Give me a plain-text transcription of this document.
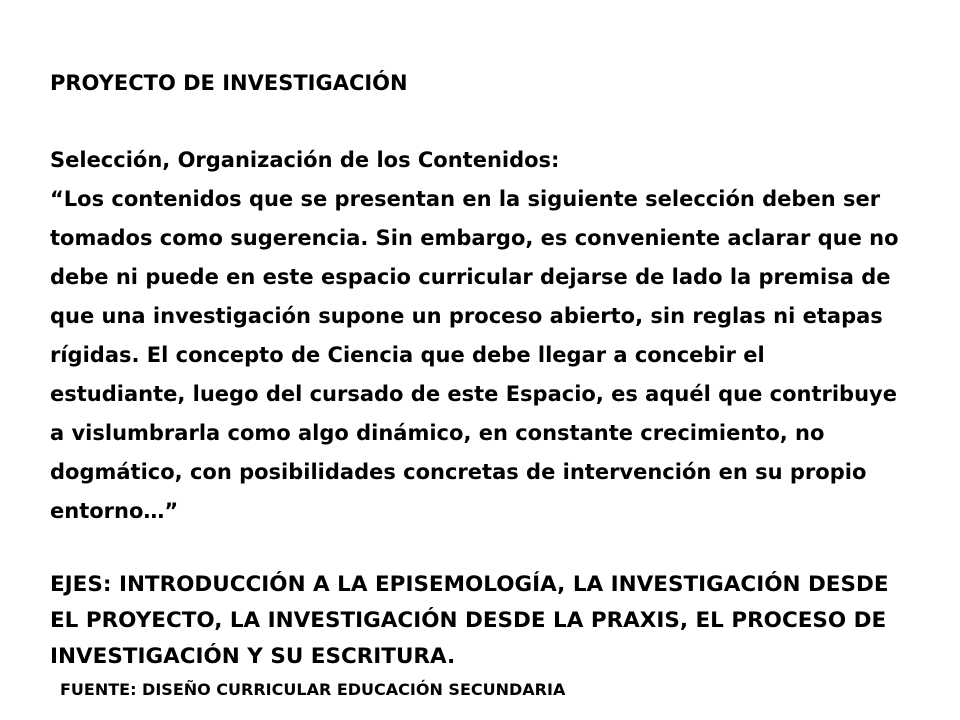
PROYECTO DE INVESTIGACIÓN

Selección, Organización de los Contenidos:

“Los contenidos que se presentan en la siguiente selección deben ser tomados como sugerencia. Sin embargo, es conveniente aclarar que no debe ni puede en este espacio curricular dejarse de lado la premisa de que una investigación supone un proceso abierto, sin reglas ni etapas rígidas. El concepto de Ciencia que debe llegar a concebir el estudiante, luego del cursado de este Espacio, es aquél que contribuye a vislumbrarla como algo dinámico, en constante crecimiento, no dogmático, con posibilidades concretas de intervención en su propio entorno…”

EJES: INTRODUCCIÓN A LA EPISEMOLOGÍA, LA INVESTIGACIÓN DESDE EL PROYECTO, LA INVESTIGACIÓN DESDE LA PRAXIS, EL PROCESO DE INVESTIGACIÓN Y SU ESCRITURA.

FUENTE: DISEÑO CURRICULAR EDUCACIÓN SECUNDARIA
